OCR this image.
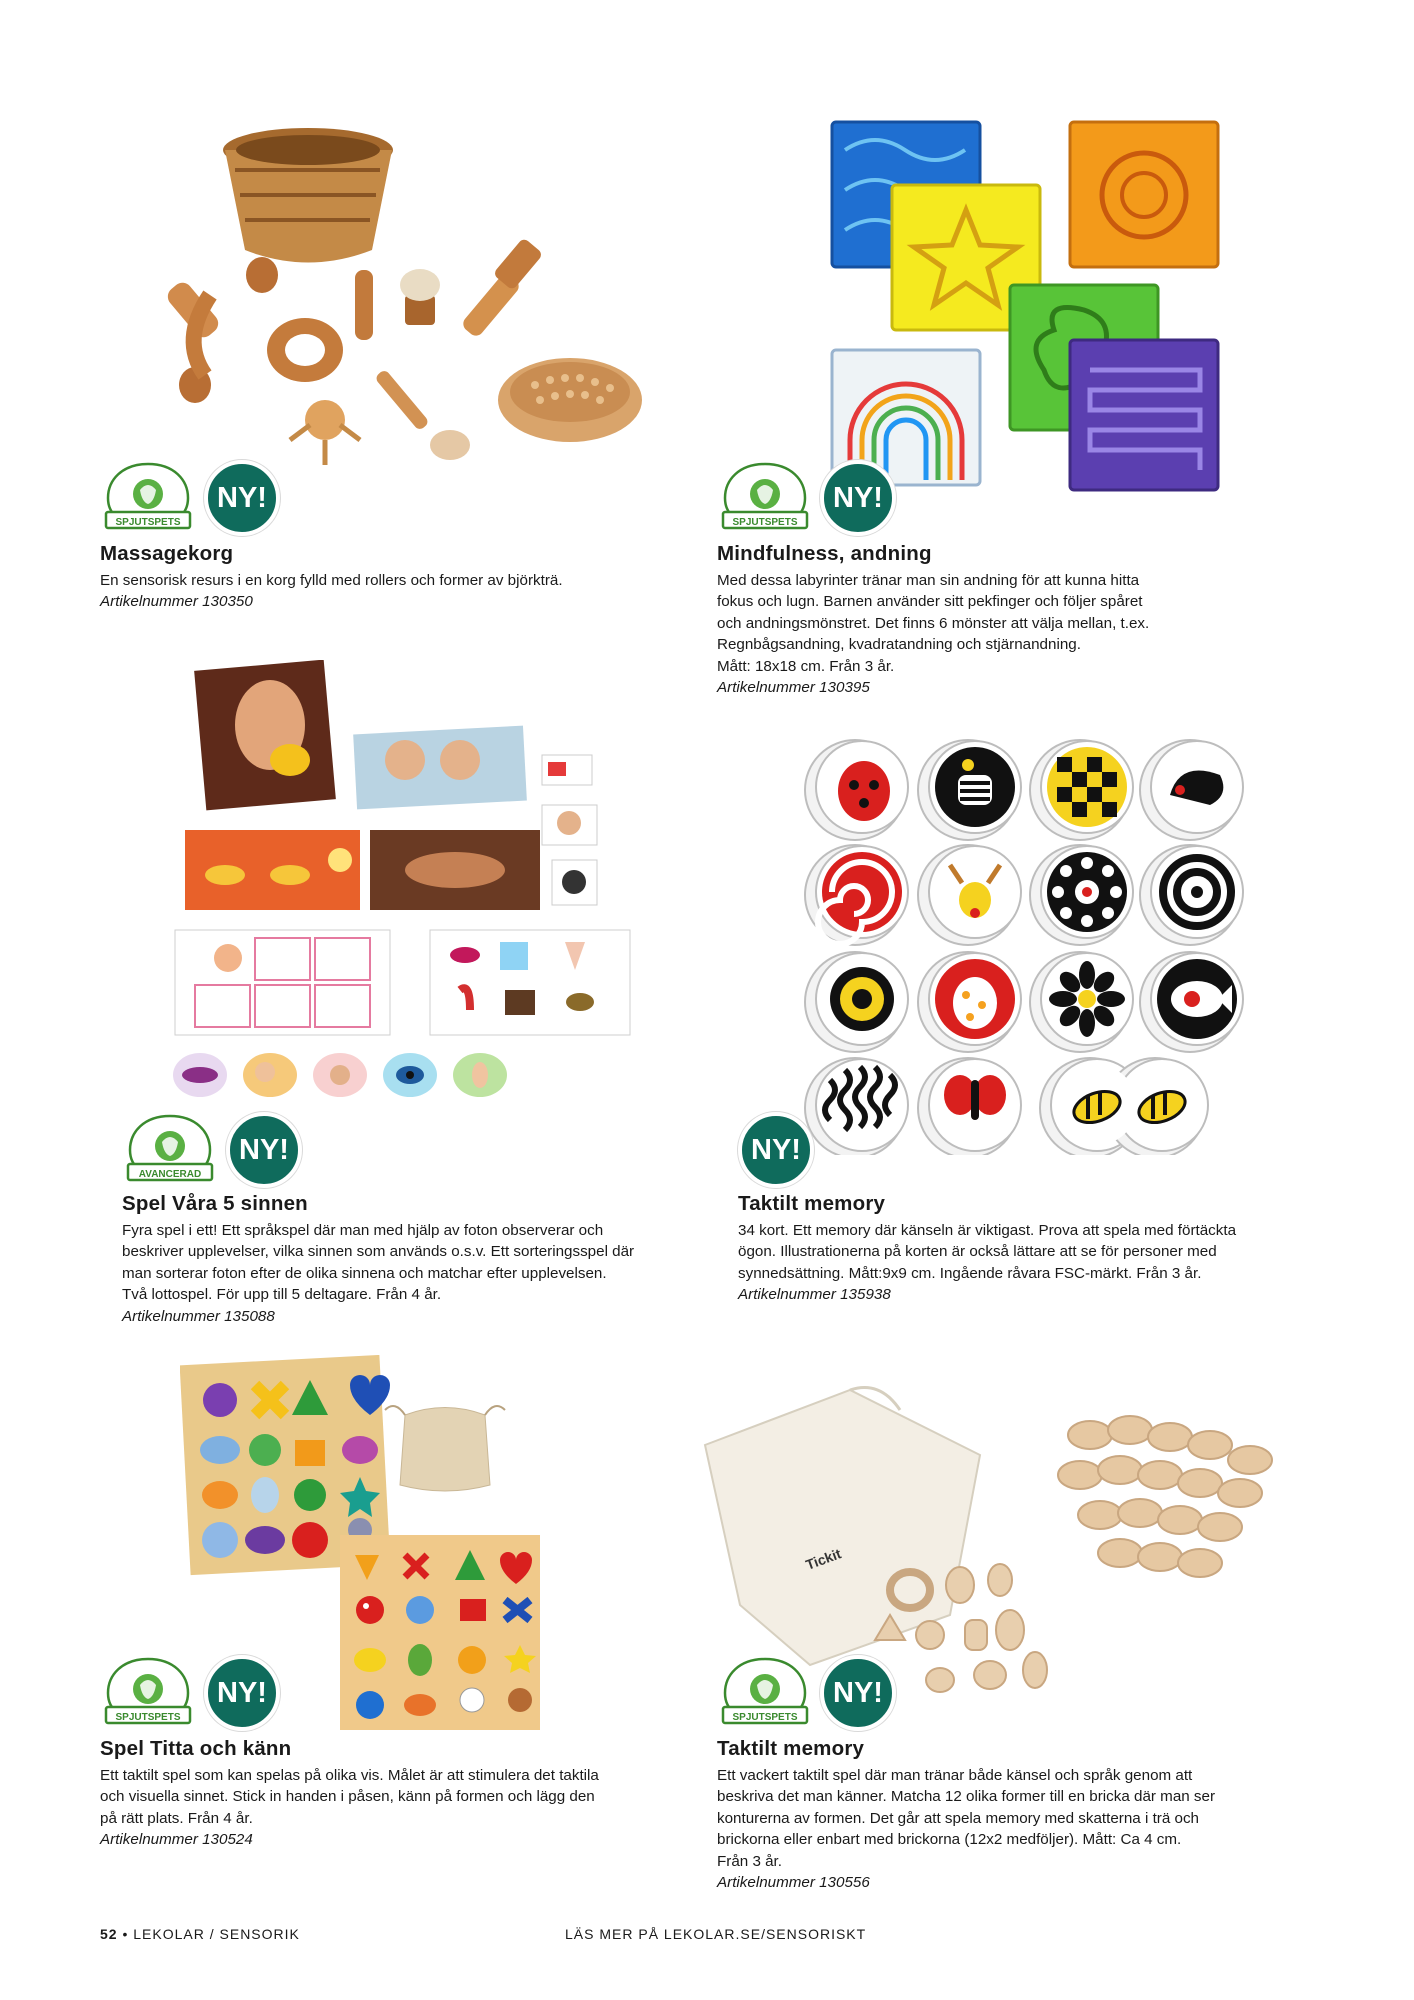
SPJUTSPETS
NY!
Massagekorg

En sensorisk resurs i en korg fylld med rollers och former av björkträ.

Artikelnummer 130350

SPJUTSPETS
NY!
Mindfulness, andning

Med dessa labyrinter tränar man sin andning för att kunna hitta

fokus och lugn. Barnen använder sitt pekfinger och följer spåret

och andningsmönstret. Det finns 6 mönster att välja mellan, t.ex.

Regnbågsandning, kvadratandning och stjärnandning.

Mått: 18x18 cm. Från 3 år.

Artikelnummer 130395

AVANCERAD
NY!
Spel Våra 5 sinnen

Fyra spel i ett! Ett språkspel där man med hjälp av foton observerar och

beskriver upplevelser, vilka sinnen som används o.s.v. Ett sorteringsspel där

man sorterar foton efter de olika sinnena och matchar efter upplevelsen.

Två lottospel. För upp till 5 deltagare. Från 4 år.

Artikelnummer 135088

NY!
Taktilt memory

34 kort. Ett memory där känseln är viktigast. Prova att spela med förtäckta

ögon. Illustrationerna på korten är också lättare att se för personer med

synnedsättning. Mått:9x9 cm. Ingående råvara FSC-märkt. Från 3 år.

Artikelnummer 135938

SPJUTSPETS
NY!
Spel Titta och känn

Ett taktilt spel som kan spelas på olika vis. Målet är att stimulera det taktila

och visuella sinnet. Stick in handen i påsen, känn på formen och lägg den

på rätt plats. Från 4 år.

Artikelnummer 130524

Tickit
SPJUTSPETS
NY!
Taktilt memory

Ett vackert taktilt spel där man tränar både känsel och språk genom att

beskriva det man känner. Matcha 12 olika former till en bricka där man ser

konturerna av formen. Det går att spela memory med skatterna i trä och

brickorna eller enbart med brickorna (12x2 medföljer). Mått: Ca 4 cm.

Från 3 år.

Artikelnummer 130556

52 • LEKOLAR / SENSORIK	LÄS MER PÅ LEKOLAR.SE/SENSORISKT
